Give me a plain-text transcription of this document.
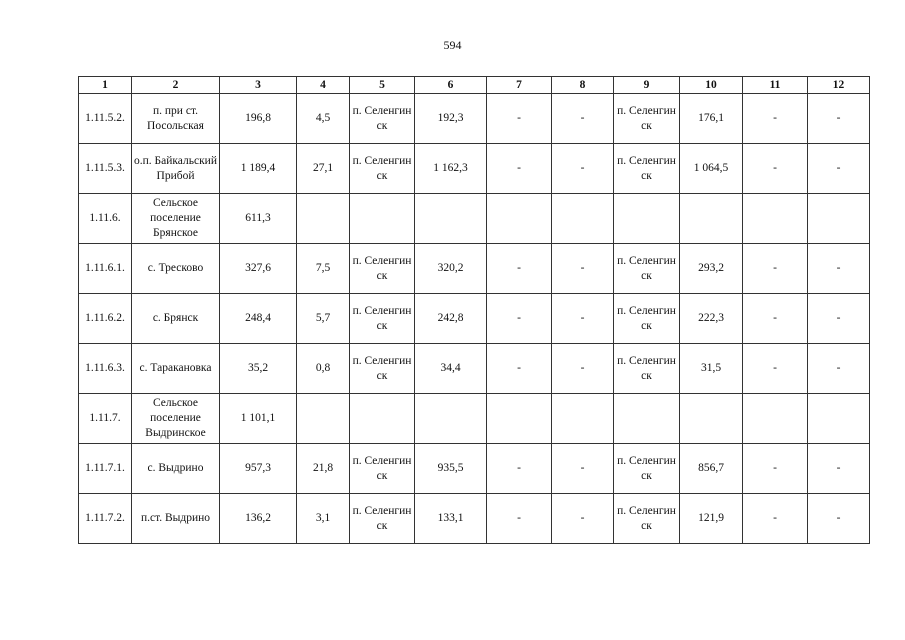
594
1	2	3	4	5	6	7	8	9	10	11	12
1.11.5.2.	п. при ст. Посольская	196,8	4,5	п. Селенгинск	192,3	-	-	п. Селенгинск	176,1	-	-
1.11.5.3.	о.п. Байкальский Прибой	1 189,4	27,1	п. Селенгинск	1 162,3	-	-	п. Селенгинск	1 064,5	-	-
1.11.6.	Сельское поселение Брянское	611,3									
1.11.6.1.	с. Тресково	327,6	7,5	п. Селенгинск	320,2	-	-	п. Селенгинск	293,2	-	-
1.11.6.2.	с. Брянск	248,4	5,7	п. Селенгинск	242,8	-	-	п. Селенгинск	222,3	-	-
1.11.6.3.	с. Таракановка	35,2	0,8	п. Селенгинск	34,4	-	-	п. Селенгинск	31,5	-	-
1.11.7.	Сельское поселение Выдринское	1 101,1									
1.11.7.1.	с. Выдрино	957,3	21,8	п. Селенгинск	935,5	-	-	п. Селенгинск	856,7	-	-
1.11.7.2.	п.ст. Выдрино	136,2	3,1	п. Селенгинск	133,1	-	-	п. Селенгинск	121,9	-	-
